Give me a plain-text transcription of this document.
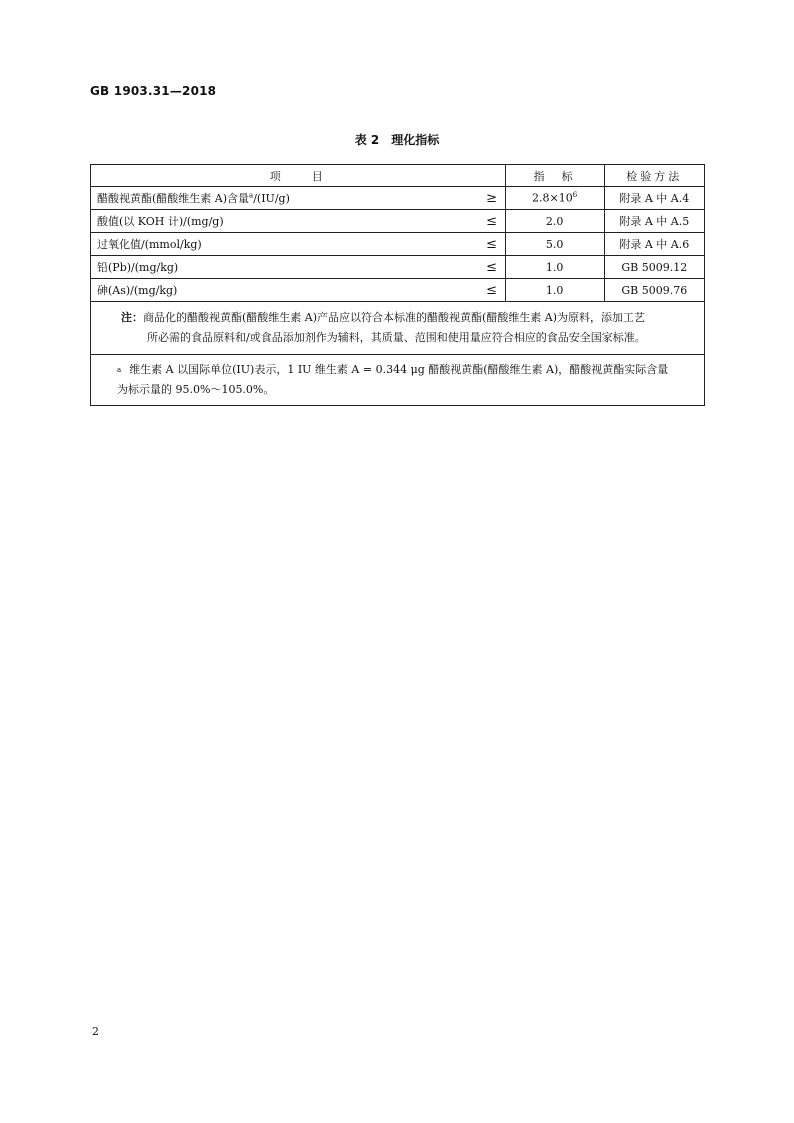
GB 1903.31—2018
表 2 理化指标
项　　目		指　标	检验方法
醋酸视黄酯(醋酸维生素 A)含量$^a$/(IU/g)	≥	$2.8\times 10^6$	附录 A 中 A.4
酸值(以 KOH 计)/(mg/g)	≤	2.0	附录 A 中 A.5
过氧化值/(mmol/kg)	≤	5.0	附录 A 中 A.6
铅(Pb)/(mg/kg)	≤	1.0	GB 5009.12
砷(As)/(mg/kg)	≤	1.0	GB 5009.76

注：商品化的醋酸视黄酯(醋酸维生素 A)产品应以符合本标准的醋酸视黄酯(醋酸维生素 A)为原料，添加工艺
所必需的食品原料和/或食品添加剂作为辅料，其质量、范围和使用量应符合相应的食品安全国家标准。			

$^a$ 维生素 A 以国际单位(IU)表示，1 IU 维生素 A = 0.344 μg 醋酸视黄酯(醋酸维生素 A)，醋酸视黄酯实际含量
为标示量的 95.0%～105.0%。			
2
